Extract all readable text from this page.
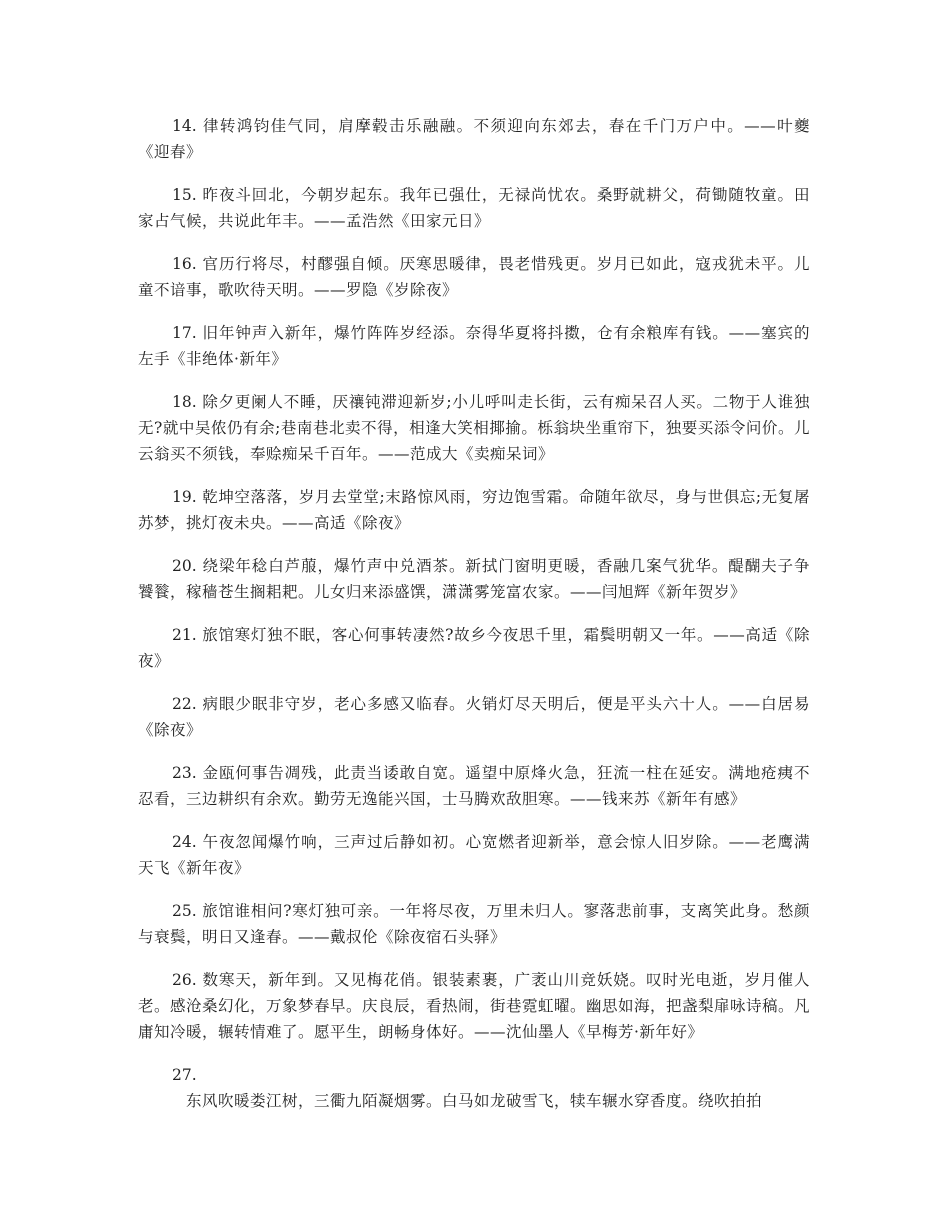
14. 律转鸿钧佳气同，肩摩毂击乐融融。不须迎向东郊去，春在千门万户中。——叶夔《迎春》

15. 昨夜斗回北，今朝岁起东。我年已强仕，无禄尚忧农。桑野就耕父，荷锄随牧童。田家占气候，共说此年丰。——孟浩然《田家元日》

16. 官历行将尽，村醪强自倾。厌寒思暖律，畏老惜残更。岁月已如此，寇戎犹未平。儿童不谙事，歌吹待天明。——罗隐《岁除夜》

17. 旧年钟声入新年，爆竹阵阵岁经添。奈得华夏将抖擞，仓有余粮库有钱。——塞宾的左手《非绝体·新年》

18. 除夕更阑人不睡，厌禳钝滞迎新岁;小儿呼叫走长街，云有痴呆召人买。二物于人谁独无?就中吴侬仍有余;巷南巷北卖不得，相逢大笑相揶揄。栎翁块坐重帘下，独要买添令问价。儿云翁买不须钱，奉赊痴呆千百年。——范成大《卖痴呆词》

19. 乾坤空落落，岁月去堂堂;末路惊风雨，穷边饱雪霜。命随年欲尽，身与世俱忘;无复屠苏梦，挑灯夜未央。——高适《除夜》

20. 绕梁年稔白芦菔，爆竹声中兑酒茶。新拭门窗明更暖，香融几案气犹华。醍醐夫子争饕餮，稼穑苍生搁耜耙。儿女归来添盛馔，潇潇雾笼富农家。——闫旭辉《新年贺岁》

21. 旅馆寒灯独不眠，客心何事转凄然?故乡今夜思千里，霜鬓明朝又一年。——高适《除夜》

22. 病眼少眠非守岁，老心多感又临春。火销灯尽天明后，便是平头六十人。——白居易《除夜》

23. 金瓯何事告凋残，此责当诿敢自宽。遥望中原烽火急，狂流一柱在延安。满地疮痍不忍看，三边耕织有余欢。勤劳无逸能兴国，士马腾欢敌胆寒。——钱来苏《新年有感》

24. 午夜忽闻爆竹响，三声过后静如初。心宽燃者迎新举，意会惊人旧岁除。——老鹰满天飞《新年夜》

25. 旅馆谁相问?寒灯独可亲。一年将尽夜，万里未归人。寥落悲前事，支离笑此身。愁颜与衰鬓，明日又逢春。——戴叔伦《除夜宿石头驿》

26. 数寒天，新年到。又见梅花俏。银装素裹，广袤山川竞妖娆。叹时光电逝，岁月催人老。感沧桑幻化，万象梦春早。庆良辰，看热闹，街巷霓虹曜。幽思如海，把盏梨扉咏诗稿。凡庸知冷暖，辗转情难了。愿平生，朗畅身体好。——沈仙墨人《早梅芳·新年好》

27.
东风吹暖娄江树，三衢九陌凝烟雾。白马如龙破雪飞，犊车辗水穿香度。绕吹拍拍
